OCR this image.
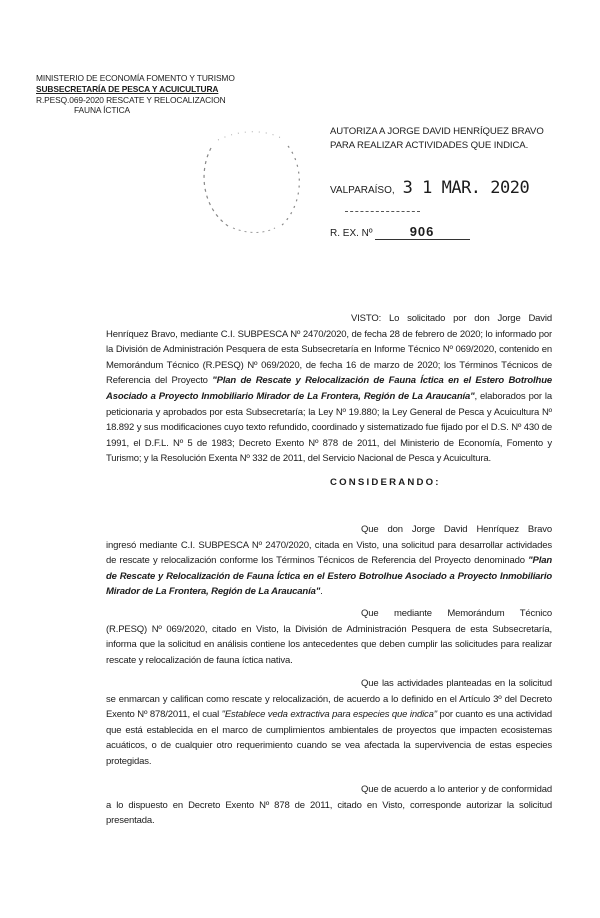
MINISTERIO DE ECONOMÍA FOMENTO Y TURISMO
SUBSECRETARÍA DE PESCA Y ACUICULTURA
R.PESQ.069-2020 RESCATE Y RELOCALIZACION
FAUNA ÍCTICA
AUTORIZA A JORGE DAVID HENRÍQUEZ BRAVO
PARA REALIZAR ACTIVIDADES QUE INDICA.
VALPARAÍSO, 3 1 MAR. 2020
R. EX. Nº	906
VISTO: Lo solicitado por don Jorge David Henríquez Bravo, mediante C.I. SUBPESCA Nº 2470/2020, de fecha 28 de febrero de 2020; lo informado por la División de Administración Pesquera de esta Subsecretaría en Informe Técnico Nº 069/2020, contenido en Memorándum Técnico (R.PESQ) Nº 069/2020, de fecha 16 de marzo de 2020; los Términos Técnicos de Referencia del Proyecto "Plan de Rescate y Relocalización de Fauna Íctica en el Estero Botrolhue Asociado a Proyecto Inmobiliario Mirador de La Frontera, Región de La Araucanía", elaborados por la peticionaria y aprobados por esta Subsecretaría; la Ley Nº 19.880; la Ley General de Pesca y Acuicultura Nº 18.892 y sus modificaciones cuyo texto refundido, coordinado y sistematizado fue fijado por el D.S. Nº 430 de 1991, el D.F.L. Nº 5 de 1983; Decreto Exento Nº 878 de 2011, del Ministerio de Economía, Fomento y Turismo; y la Resolución Exenta Nº 332 de 2011, del Servicio Nacional de Pesca y Acuicultura.
CONSIDERANDO:
Que don Jorge David Henríquez Bravo ingresó mediante C.I. SUBPESCA Nº 2470/2020, citada en Visto, una solicitud para desarrollar actividades de rescate y relocalización conforme los Términos Técnicos de Referencia del Proyecto denominado "Plan de Rescate y Relocalización de Fauna Íctica en el Estero Botrolhue Asociado a Proyecto Inmobiliario Mirador de La Frontera, Región de La Araucanía".
Que mediante Memorándum Técnico (R.PESQ) Nº 069/2020, citado en Visto, la División de Administración Pesquera de esta Subsecretaría, informa que la solicitud en análisis contiene los antecedentes que deben cumplir las solicitudes para realizar rescate y relocalización de fauna íctica nativa.
Que las actividades planteadas en la solicitud se enmarcan y califican como rescate y relocalización, de acuerdo a lo definido en el Artículo 3º del Decreto Exento Nº 878/2011, el cual "Establece veda extractiva para especies que indica" por cuanto es una actividad que está establecida en el marco de cumplimientos ambientales de proyectos que impacten ecosistemas acuáticos, o de cualquier otro requerimiento cuando se vea afectada la supervivencia de estas especies protegidas.
Que de acuerdo a lo anterior y de conformidad a lo dispuesto en Decreto Exento Nº 878 de 2011, citado en Visto, corresponde autorizar la solicitud presentada.
